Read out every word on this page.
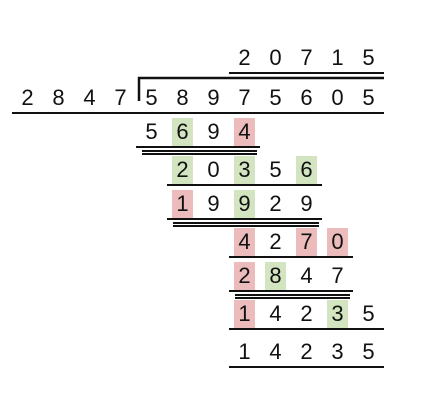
2 0 7 1 5
2 8 4 7 5 8 9 7 5 6 0 5
5 6 9 4
2 0 3 5 6
1 9 9 2 9
4 2 7 0
2 8 4 7
1 4 2 3 5
1 4 2 3 5
